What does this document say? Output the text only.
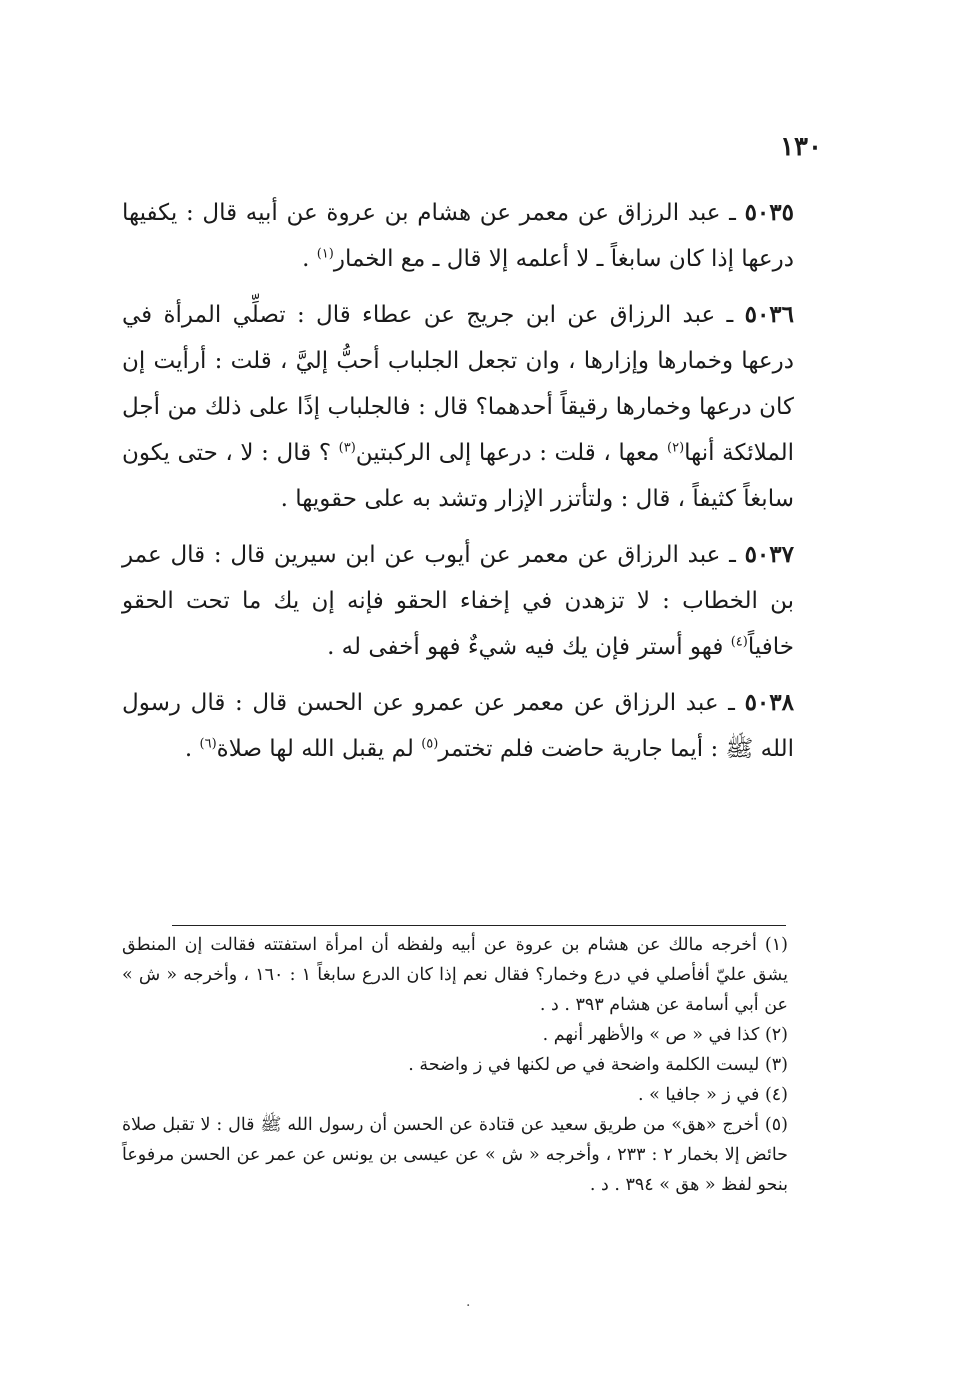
١٣٠

٥٠٣٥ ـ عبد الرزاق عن معمر عن هشام بن عروة عن أبيه قال : يكفيها درعها إذا كان سابغاً ـ لا أعلمه إلا قال ـ مع الخمار$^{(١)}$ .

٥٠٣٦ ـ عبد الرزاق عن ابن جريج عن عطاء قال : تصلِّي المرأة في درعها وخمارها وإزارها ، وان تجعل الجلباب أحبُّ إليَّ ، قلت : أرأيت إن كان درعها وخمارها رقيقاً أحدهما؟ قال : فالجلباب إذًا على ذلك من أجل الملائكة أنها$^{(٢)}$ معها ، قلت : درعها إلى الركبتين$^{(٣)}$ ؟ قال : لا ، حتى يكون سابغاً كثيفاً ، قال : ولتأتزر الإزار وتشد به على حقويها .

٥٠٣٧ ـ عبد الرزاق عن معمر عن أيوب عن ابن سيرين قال : قال عمر بن الخطاب : لا تزهدن في إخفاء الحقو فإنه إن يك ما تحت الحقو خافياً$^{(٤)}$ فهو أستر فإن يك فيه شيءٌ فهو أخفى له .

٥٠٣٨ ـ عبد الرزاق عن معمر عن عمرو عن الحسن قال : قال رسول الله ﷺ : أيما جارية حاضت فلم تختمر$^{(٥)}$ لم يقبل الله لها صلاة$^{(٦)}$ .

(١) أخرجه مالك عن هشام بن عروة عن أبيه ولفظه أن امرأة استفتته فقالت إن المنطق يشق عليّ أفأصلي في درع وخمار؟ فقال نعم إذا كان الدرع سابغاً ١ : ١٦٠ ، وأخرجه « ش » عن أبي أسامة عن هشام ٣٩٣ . د .

(٢) كذا في « ص » والأظهر أنهم .

(٣) ليست الكلمة واضحة في ص لكنها في ز واضحة .

(٤) في ز « جافيا » .

(٥) أخرج «هق» من طريق سعيد عن قتادة عن الحسن أن رسول الله ﷺ قال : لا تقبل صلاة حائض إلا بخمار ٢ : ٢٣٣ ، وأخرجه « ش » عن عيسى بن يونس عن عمر عن الحسن مرفوعاً بنحو لفظ « هق » ٣٩٤ . د .

·
